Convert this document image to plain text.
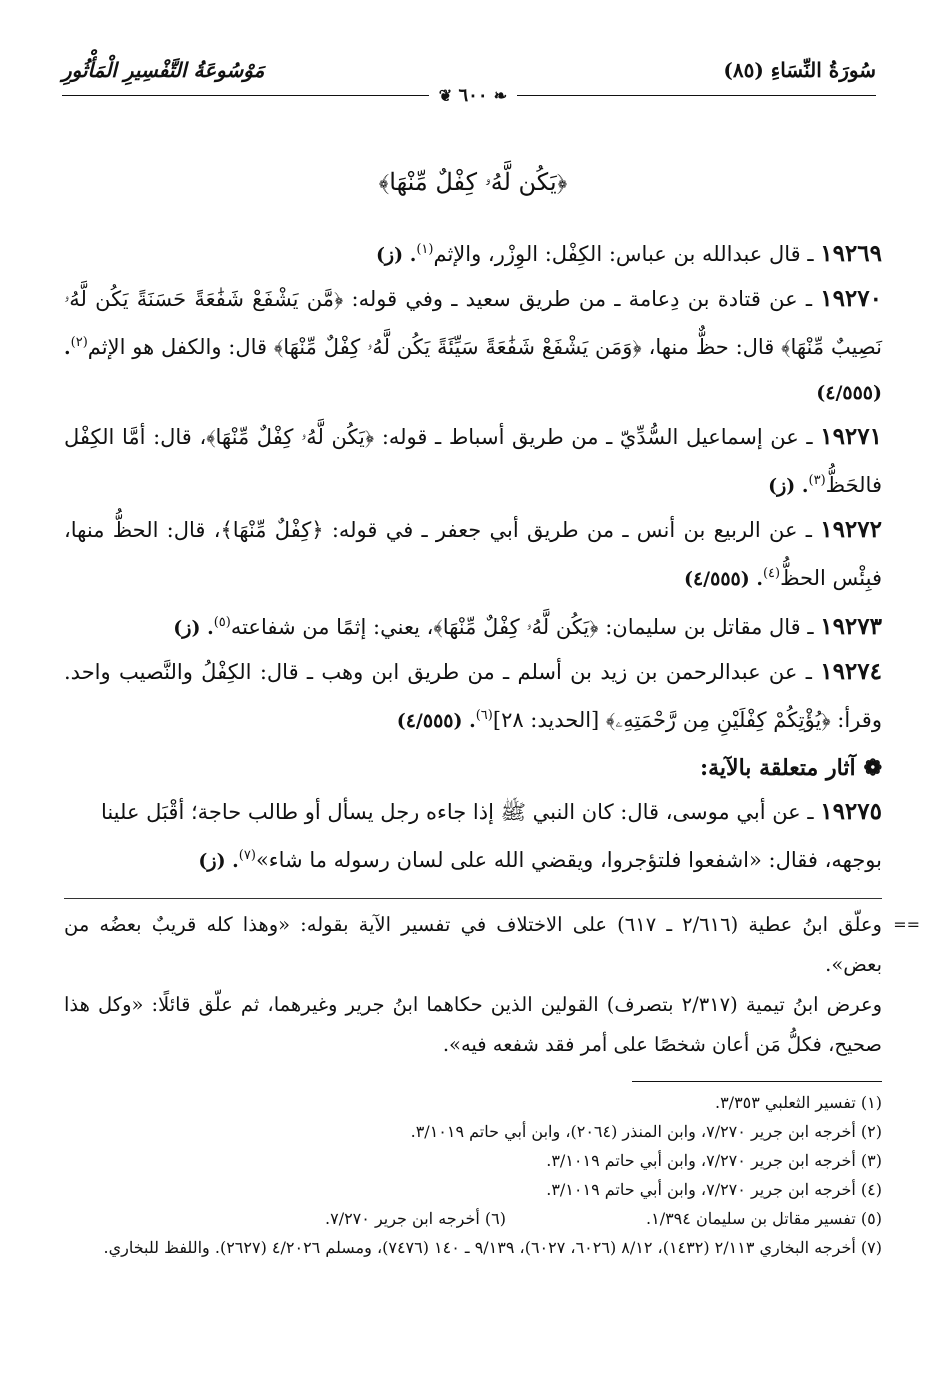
سُورَةُ النِّسَاءِ (٨٥)
مَوْسُوعَةُ التَّفْسِيرِ الْمَأْثُورِ
❦ ٦٠٠ ❧
﴿يَكُن لَّهُۥ كِفْلٌ مِّنْهَا﴾
١٩٢٦٩ ـ قال عبدالله بن عباس: الكِفْل: الوِزْر، والإثم$^{(١)}$. (ز)
١٩٢٧٠ ـ عن قتادة بن دِعامة ـ من طريق سعيد ـ وفي قوله: ﴿مَّن يَشْفَعْ شَفَٰعَةً حَسَنَةً يَكُن لَّهُۥ نَصِيبٌ مِّنْهَا﴾ قال: حظٌّ منها، ﴿وَمَن يَشْفَعْ شَفَٰعَةً سَيِّئَةً يَكُن لَّهُۥ كِفْلٌ مِّنْهَا﴾ قال: والكفل هو الإثم$^{(٢)}$. (٤/٥٥٥)
١٩٢٧١ ـ عن إسماعيل السُّدِّيّ ـ من طريق أسباط ـ قوله: ﴿يَكُن لَّهُۥ كِفْلٌ مِّنْهَا﴾، قال: أمَّا الكِفْل فالحَظُّ$^{(٣)}$. (ز)
١٩٢٧٢ ـ عن الربيع بن أنس ـ من طريق أبي جعفر ـ في قوله: ﴿كِفْلٌ مِّنْهَا﴾، قال: الحظُّ منها، فبِئْس الحظُّ$^{(٤)}$. (٤/٥٥٥)
١٩٢٧٣ ـ قال مقاتل بن سليمان: ﴿يَكُن لَّهُۥ كِفْلٌ مِّنْهَا﴾، يعني: إثمًا من شفاعته$^{(٥)}$. (ز)
١٩٢٧٤ ـ عن عبدالرحمن بن زيد بن أسلم ـ من طريق ابن وهب ـ قال: الكِفْلُ والنَّصيب واحد. وقرأ: ﴿يُؤْتِكُمْ كِفْلَيْنِ مِن رَّحْمَتِهِۦ﴾ [الحديد: ٢٨]$^{(٦)}$. (٤/٥٥٥)
❁آثار متعلقة بالآية:
١٩٢٧٥ ـ عن أبي موسى، قال: كان النبي ﷺ إذا جاءه رجل يسأل أو طالب حاجة؛ أقْبَل علينا بوجهه، فقال: «اشفعوا فلتؤجروا، ويقضي الله على لسان رسوله ما شاء»$^{(٧)}$. (ز)
==
وعلّق ابنُ عطية (٢/٦١٦ ـ ٦١٧) على الاختلاف في تفسير الآية بقوله: «وهذا كله قريبٌ بعضُه من بعض».
وعرض ابنُ تيمية (٢/٣١٧ بتصرف) القولين الذين حكاهما ابنُ جرير وغيرهما، ثم علّق قائلًا: «وكل هذا صحيح، فكلُّ مَن أعان شخصًا على أمر فقد شفعه فيه».
(١) تفسير الثعلبي ٣/٣٥٣.
(٢) أخرجه ابن جرير ٧/٢٧٠، وابن المنذر (٢٠٦٤)، وابن أبي حاتم ٣/١٠١٩.
(٣) أخرجه ابن جرير ٧/٢٧٠، وابن أبي حاتم ٣/١٠١٩.
(٤) أخرجه ابن جرير ٧/٢٧٠، وابن أبي حاتم ٣/١٠١٩.
(٥) تفسير مقاتل بن سليمان ١/٣٩٤.
(٦) أخرجه ابن جرير ٧/٢٧٠.
(٧) أخرجه البخاري ٢/١١٣ (١٤٣٢)، ٨/١٢ (٦٠٢٦، ٦٠٢٧)، ٩/١٣٩ ـ ١٤٠ (٧٤٧٦)، ومسلم ٤/٢٠٢٦ (٢٦٢٧). واللفظ للبخاري.
